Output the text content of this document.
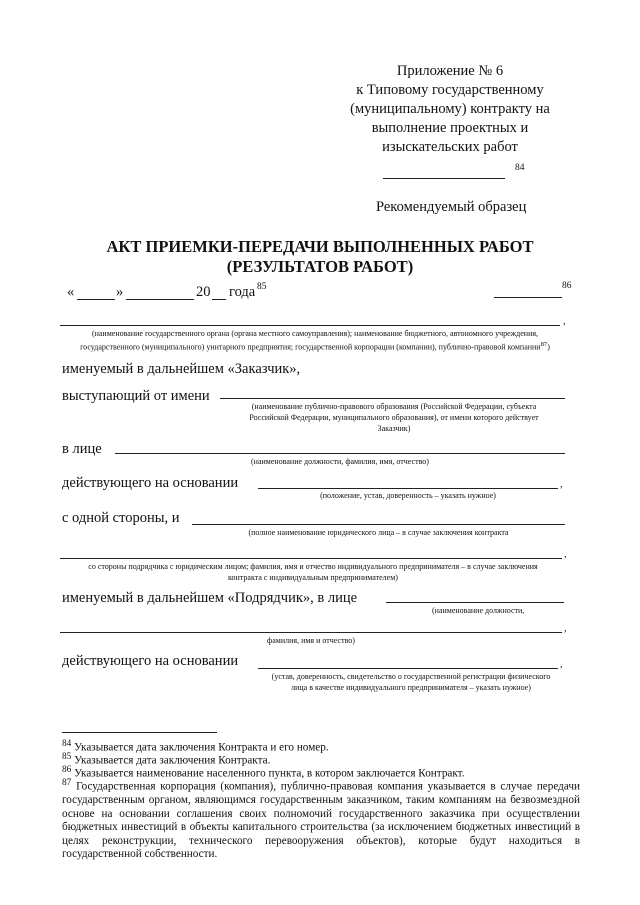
Приложение № 6
к Типовому государственному
(муниципальному) контракту на
выполнение проектных и
изыскательских работ
84
Рекомендуемый образец
АКТ ПРИЕМКИ-ПЕРЕДАЧИ ВЫПОЛНЕННЫХ РАБОТ
(РЕЗУЛЬТАТОВ РАБОТ)
«	»	20 года 85	86
,
(наименование государственного органа (органа местного самоуправления); наименование бюджетного, автономного учреждения,
государственного (муниципального) унитарного предприятия; государственной корпорации (компании), публично-правовой компании$^{87}$)
именуемый в дальнейшем «Заказчик»,
выступающий от имени
(наименование публично-правового образования (Российской Федерации, субъекта Российской Федерации, муниципального образования), от имени которого действует Заказчик)
в лице
(наименование должности, фамилия, имя, отчество)
действующего на основании	,
(положение, устав, доверенность – указать нужное)
с одной стороны, и
(полное наименование юридического лица – в случае заключения контракта
,
со стороны подрядчика с юридическим лицом; фамилия, имя и отчество индивидуального предпринимателя – в случае заключения контракта с индивидуальным предпринимателем)
именуемый в дальнейшем «Подрядчик», в лице
(наименование должности,
,
фамилия, имя и отчество)
действующего на основании	,
(устав, доверенность, свидетельство о государственной регистрации физического лица в качестве индивидуального предпринимателя – указать нужное)
$^{84}$ Указывается дата заключения Контракта и его номер.
$^{85}$ Указывается дата заключения Контракта.
$^{86}$ Указывается наименование населенного пункта, в котором заключается Контракт.
$^{87}$ Государственная корпорация (компания), публично-правовая компания указывается в случае передачи государственным органом, являющимся государственным заказчиком, таким компаниям на безвозмездной основе на основании соглашения своих полномочий государственного заказчика при осуществлении бюджетных инвестиций в объекты капитального строительства (за исключением бюджетных инвестиций в целях реконструкции, технического перевооружения объектов), которые будут находиться в государственной собственности.
